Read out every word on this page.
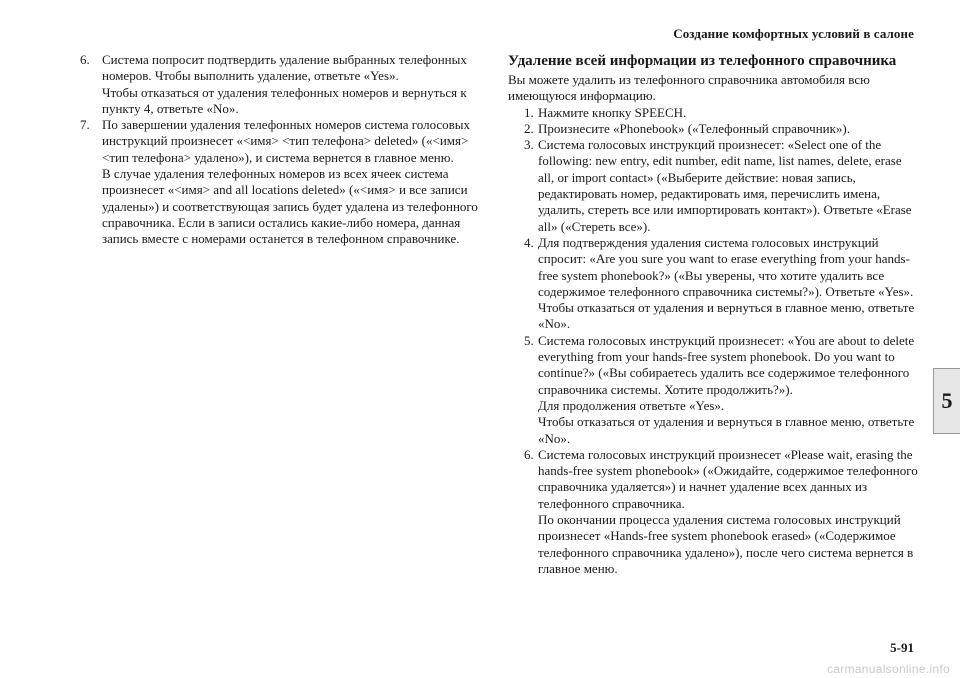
Создание комфортных условий в салоне
5
6. Система попросит подтвердить удаление выбранных телефонных номеров. Чтобы выполнить удаление, ответьте «Yes».

Чтобы отказаться от удаления телефонных номеров и вернуться к пункту 4, ответьте «No».

7. По завершении удаления телефонных номеров система голосовых инструкций произнесет «<имя> <тип телефона> deleted» («<имя> <тип телефона> удалено»), и система вернется в главное меню.

В случае удаления телефонных номеров из всех ячеек система произнесет «<имя> and all locations deleted» («<имя> и все записи удалены») и соответствующая запись будет удалена из телефонного справочника. Если в записи остались какие-либо номера, данная запись вместе с номерами останется в телефонном справочнике.

Удаление всей информации из телефонного справочника

Вы можете удалить из телефонного справочника автомобиля всю имеющуюся информацию.

1. Нажмите кнопку SPEECH.

2. Произнесите «Phonebook» («Телефонный справочник»).

3. Система голосовых инструкций произнесет: «Select one of the following: new entry, edit number, edit name, list names, delete, erase all, or import contact» («Выберите действие: новая запись, редактировать номер, редактировать имя, перечислить имена, удалить, стереть все или импортировать контакт»). Ответьте «Erase all» («Стереть все»).

4. Для подтверждения удаления система голосовых инструкций спросит: «Are you sure you want to erase everything from your hands-free system phonebook?» («Вы уверены, что хотите удалить все содержимое телефонного справочника системы?»). Ответьте «Yes».

Чтобы отказаться от удаления и вернуться в главное меню, ответьте «No».

5. Система голосовых инструкций произнесет: «You are about to delete everything from your hands-free system phonebook. Do you want to continue?» («Вы собираетесь удалить все содержимое телефонного справочника системы. Хотите продолжить?»).

Для продолжения ответьте «Yes».

Чтобы отказаться от удаления и вернуться в главное меню, ответьте «No».

6. Система голосовых инструкций произнесет «Please wait, erasing the hands-free system phonebook» («Ожидайте, содержимое телефонного справочника удаляется») и начнет удаление всех данных из телефонного справочника.

По окончании процесса удаления система голосовых инструкций произнесет «Hands-free system phonebook erased» («Содержимое телефонного справочника удалено»), после чего система вернется в главное меню.

5-91
carmanualsonline.info
